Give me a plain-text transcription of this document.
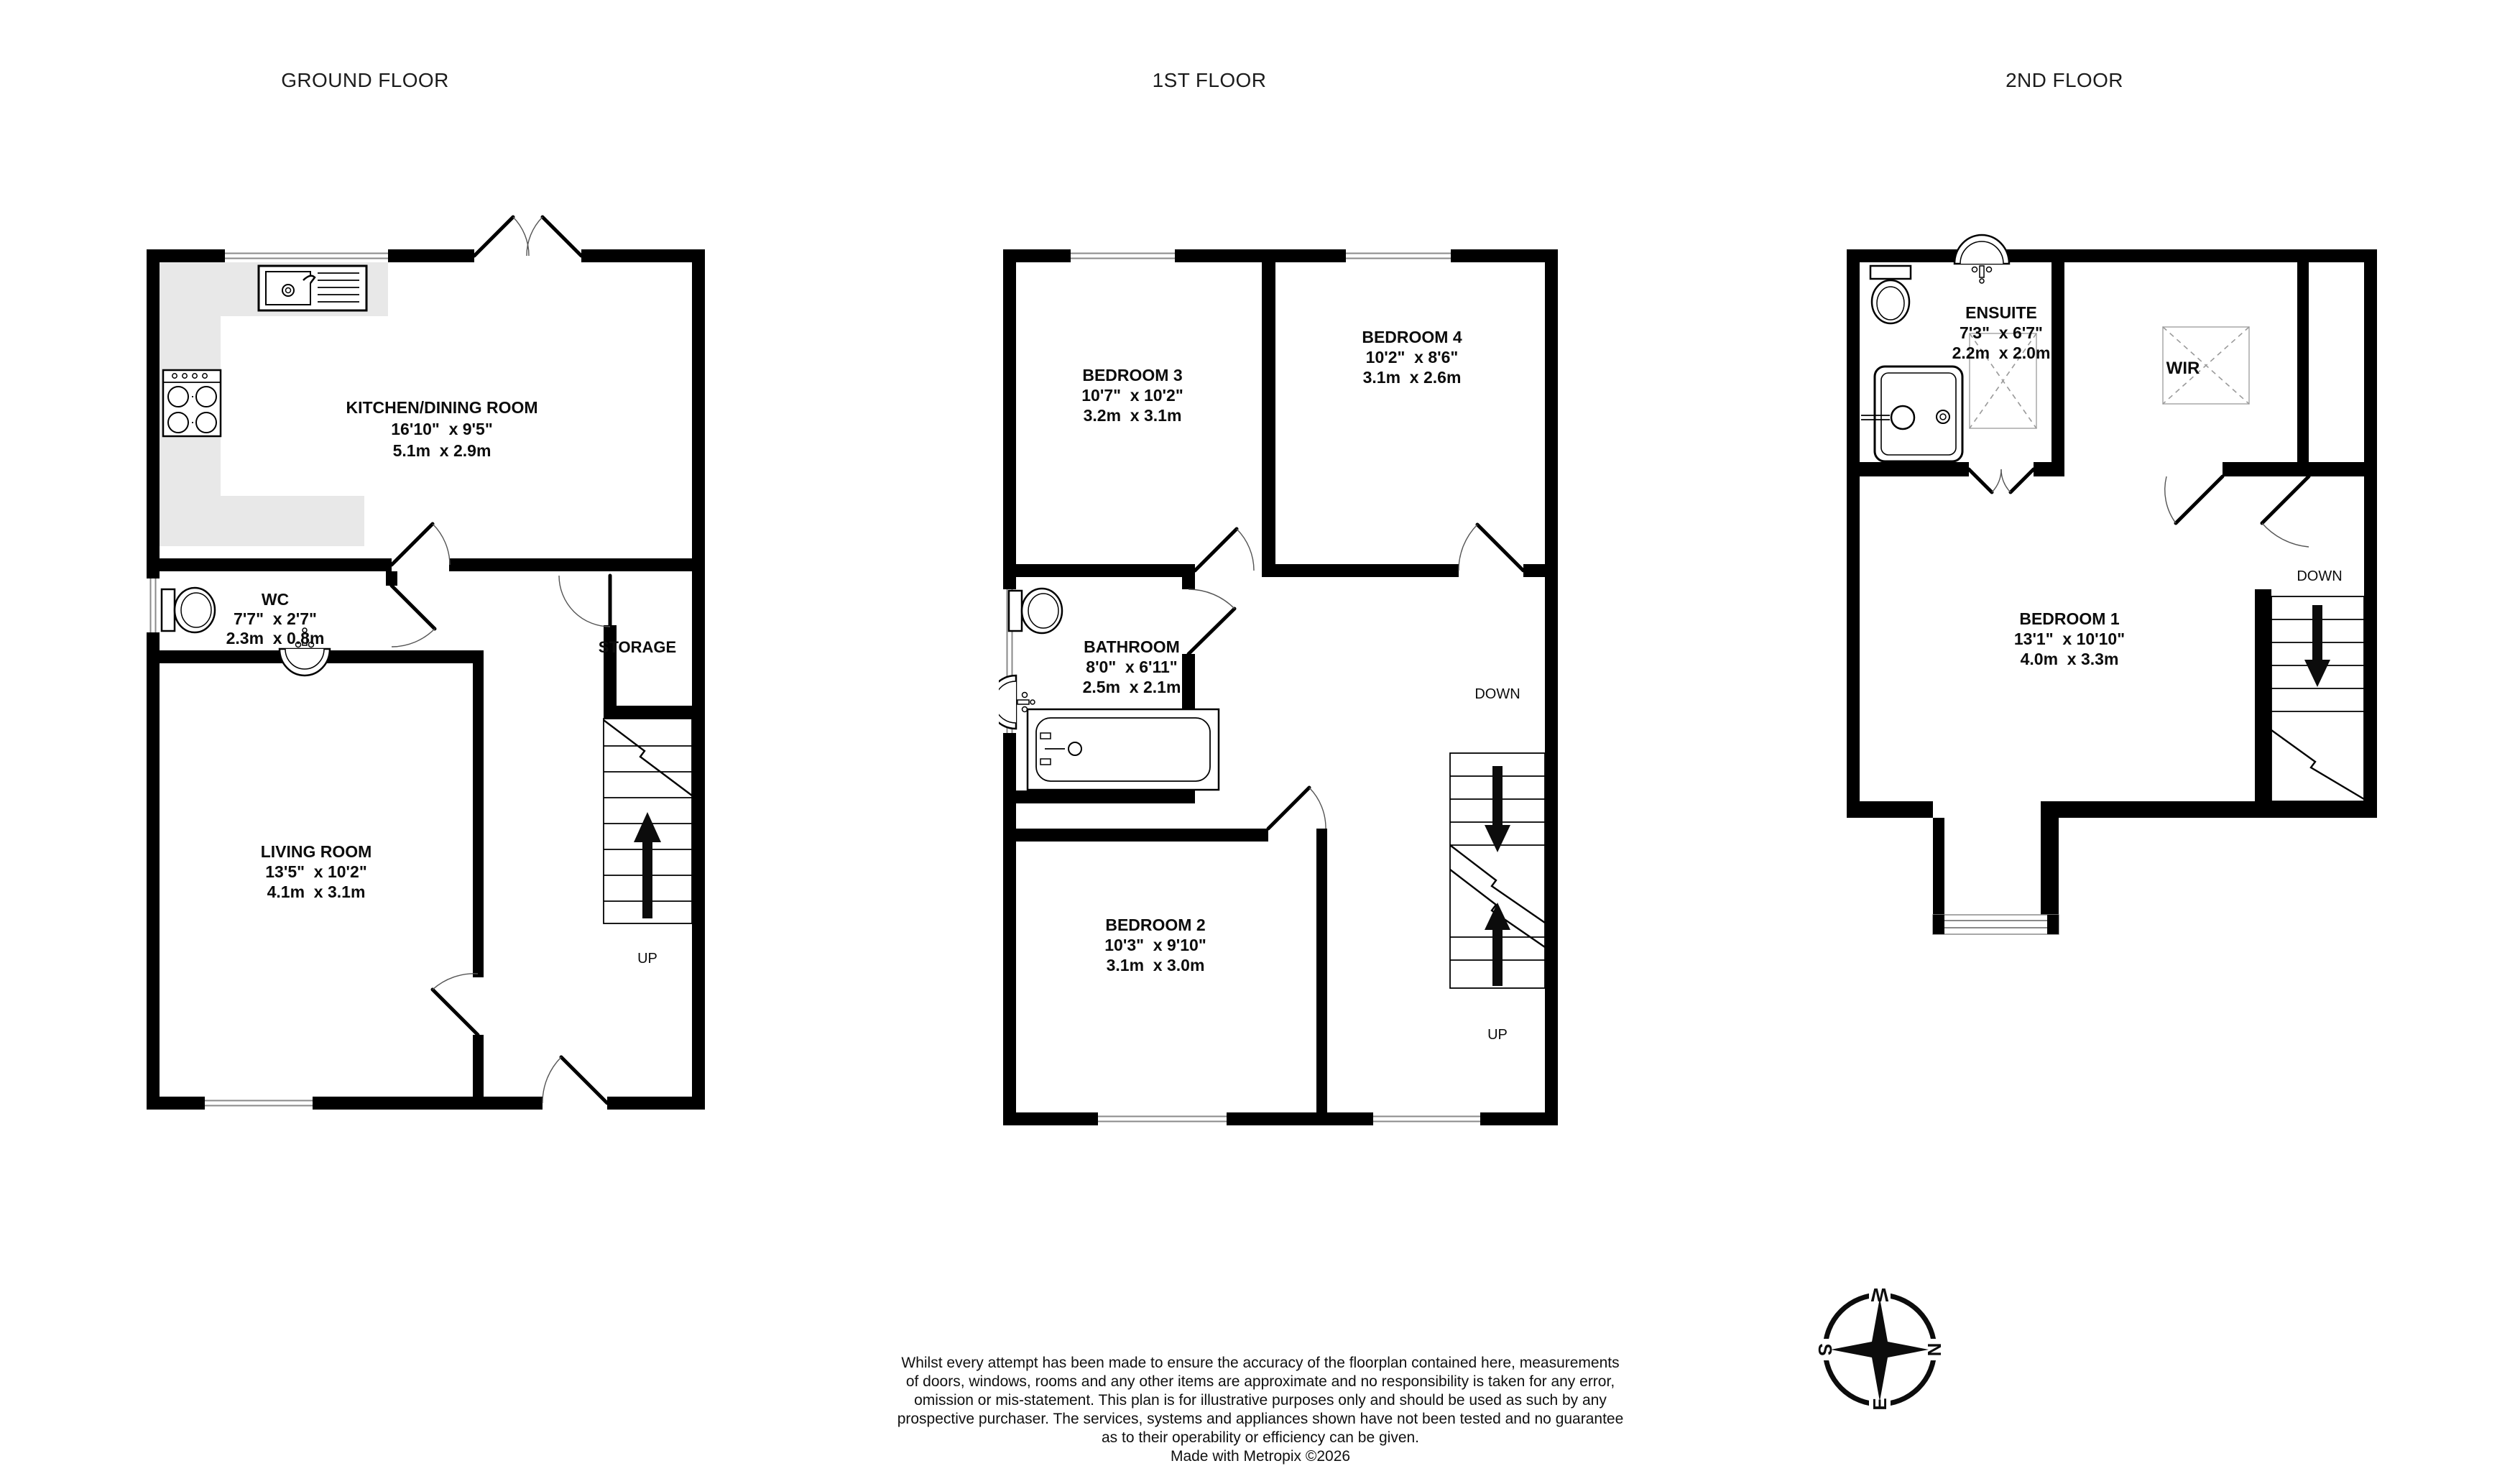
GROUND FLOOR	1ST FLOOR	2ND FLOOR
KITCHEN/DINING ROOM
16'10"  x 9'5"
5.1m  x 2.9m
WC
7'7"  x 2'7"
2.3m  x 0.8m
LIVING ROOM
13'5"  x 10'2"
4.1m  x 3.1m
STORAGE
UP
BEDROOM 3
10'7"  x 10'2"
3.2m  x 3.1m
BEDROOM 4
10'2"  x 8'6"
3.1m  x 2.6m
BATHROOM
8'0"  x 6'11"
2.5m  x 2.1m
BEDROOM 2
10'3"  x 9'10"
3.1m  x 3.0m
DOWN
UP
ENSUITE
7'3"  x 6'7"
2.2m  x 2.0m
WIR
BEDROOM 1
13'1"  x 10'10"
4.0m  x 3.3m
DOWN
W
N
E
S
Whilst every attempt has been made to ensure the accuracy of the floorplan contained here, measurements
of doors, windows, rooms and any other items are approximate and no responsibility is taken for any error,
omission or mis-statement. This plan is for illustrative purposes only and should be used as such by any
prospective purchaser. The services, systems and appliances shown have not been tested and no guarantee
as to their operability or efficiency can be given.
Made with Metropix ©2026
